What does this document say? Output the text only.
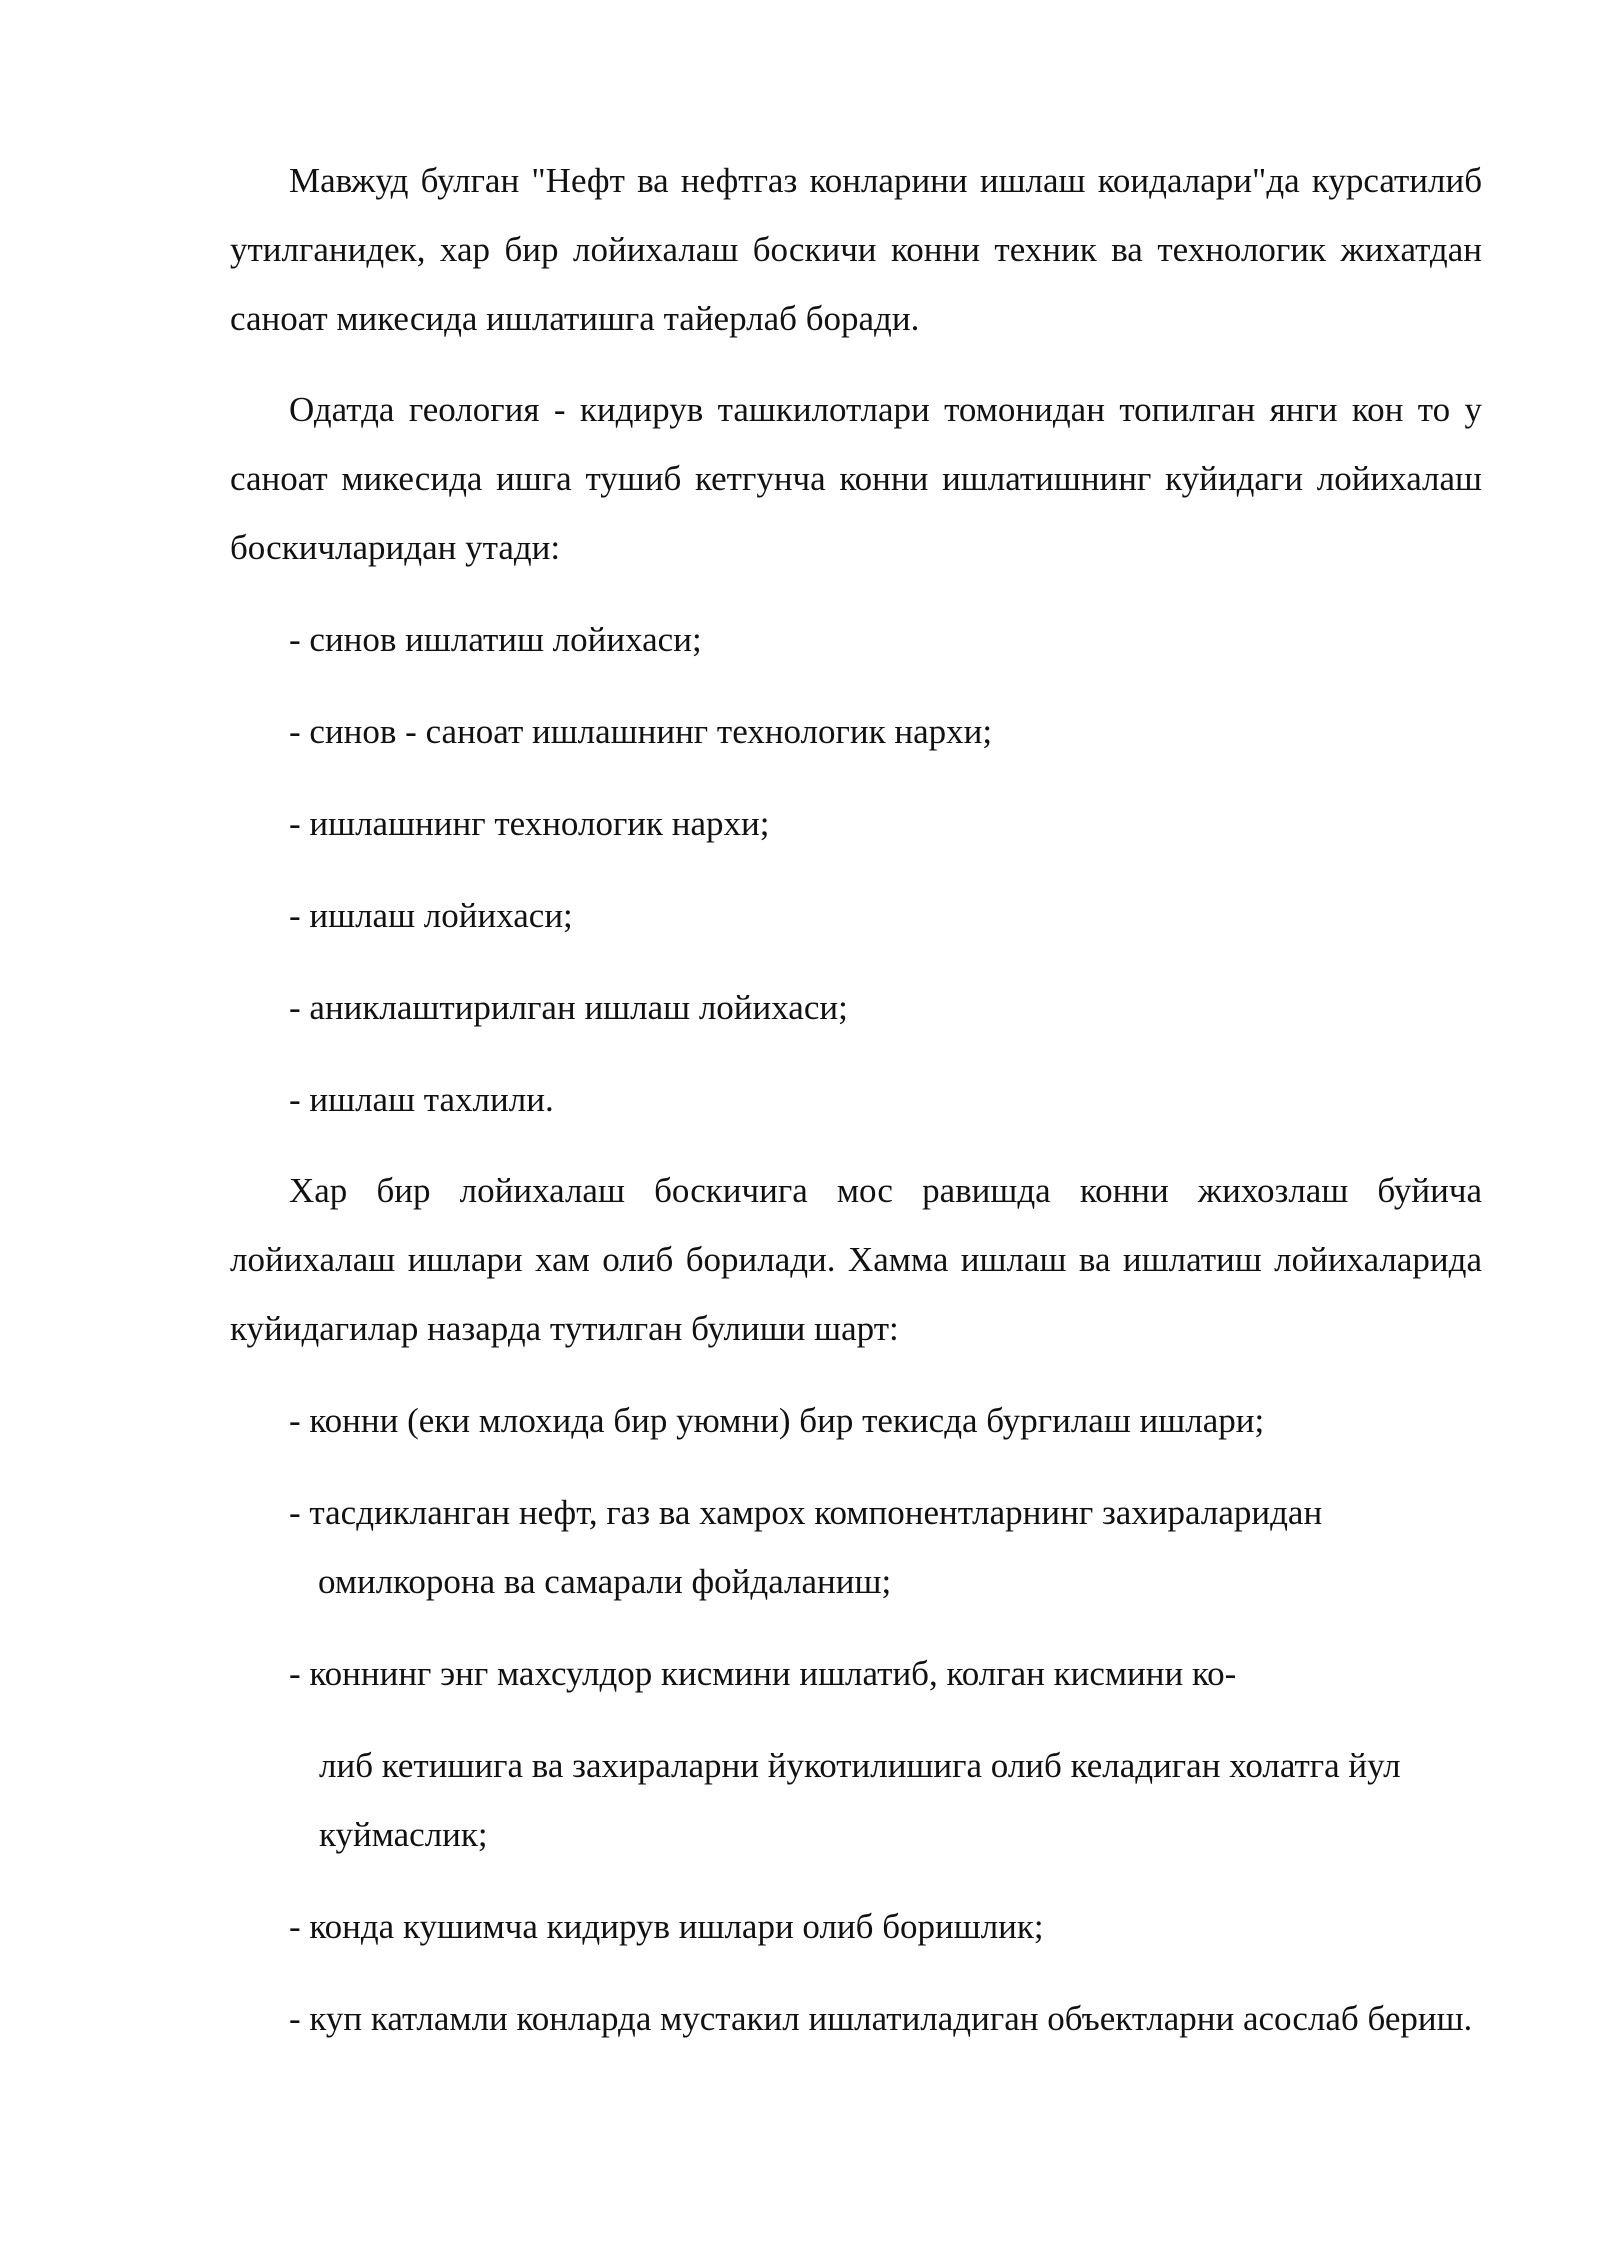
Мавжуд булган "Нефт ва нефтгаз конларини ишлаш коидалари"да курсатилиб утилганидек, хар бир лойихалаш боскичи конни техник ва технологик жихатдан саноат микесида ишлатишга тайерлаб боради.

Одатда геология - кидирув ташкилотлари томонидан топилган янги кон то у саноат микесида ишга тушиб кетгунча конни ишлатишнинг куйидаги лойихалаш боскичларидан утади:

- синов ишлатиш лойихаси;

- синов - саноат ишлашнинг технологик нархи;

- ишлашнинг технологик нархи;

- ишлаш лойихаси;

- аниклаштирилган ишлаш лойихаси;

- ишлаш тахлили.

Хар бир лойихалаш боскичига мос равишда конни жихозлаш буйича лойихалаш ишлари хам олиб борилади. Хамма ишлаш ва ишлатиш лойихаларида куйидагилар назарда тутилган булиши шарт:

- конни (еки млохида бир уюмни) бир текисда бургилаш ишлари;

- тасдикланган нефт, газ ва хамрох компонентларнинг захираларидан омилкорона ва самарали фойдаланиш;

- коннинг энг махсулдор кисмини ишлатиб, колган кисмини ко-

либ кетишига ва захираларни йукотилишига олиб келадиган холатга йул куймаслик;

- конда кушимча кидирув ишлари олиб боришлик;

- куп катламли конларда мустакил ишлатиладиган объектларни асослаб бериш.
